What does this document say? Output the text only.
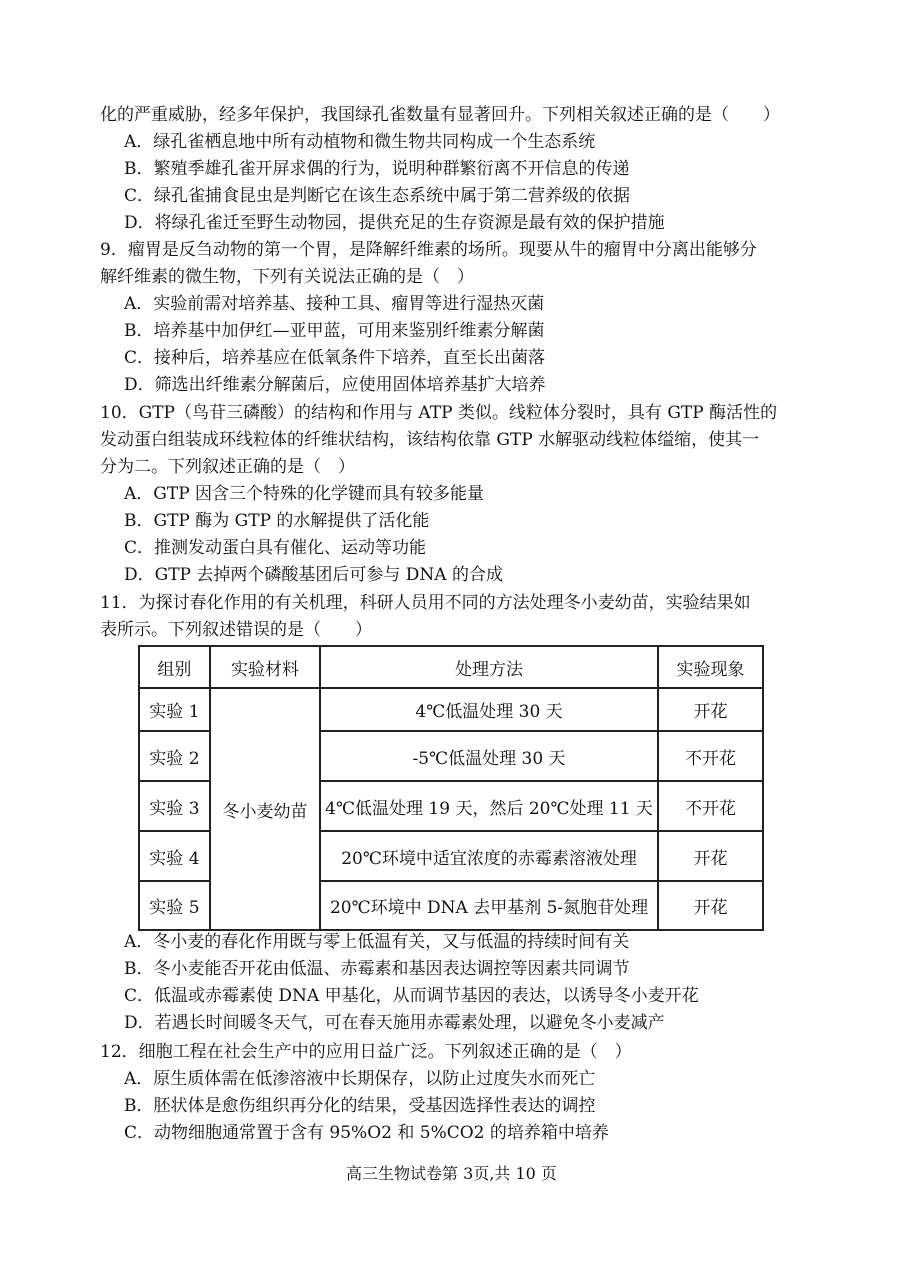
化的严重威胁，经多年保护，我国绿孔雀数量有显著回升。下列相关叙述正确的是（　　）
A．绿孔雀栖息地中所有动植物和微生物共同构成一个生态系统
B．繁殖季雄孔雀开屏求偶的行为，说明种群繁衍离不开信息的传递
C．绿孔雀捕食昆虫是判断它在该生态系统中属于第二营养级的依据
D．将绿孔雀迁至野生动物园，提供充足的生存资源是最有效的保护措施
9．瘤胃是反刍动物的第一个胃，是降解纤维素的场所。现要从牛的瘤胃中分离出能够分
解纤维素的微生物，下列有关说法正确的是（　）
A．实验前需对培养基、接种工具、瘤胃等进行湿热灭菌
B．培养基中加伊红—亚甲蓝，可用来鉴别纤维素分解菌
C．接种后，培养基应在低氧条件下培养，直至长出菌落
D．筛选出纤维素分解菌后，应使用固体培养基扩大培养
10．GTP（鸟苷三磷酸）的结构和作用与 ATP 类似。线粒体分裂时，具有 GTP 酶活性的
发动蛋白组装成环线粒体的纤维状结构，该结构依靠 GTP 水解驱动线粒体缢缩，使其一
分为二。下列叙述正确的是（　）
A．GTP 因含三个特殊的化学键而具有较多能量
B．GTP 酶为 GTP 的水解提供了活化能
C．推测发动蛋白具有催化、运动等功能
D．GTP 去掉两个磷酸基团后可参与 DNA 的合成
11．为探讨春化作用的有关机理，科研人员用不同的方法处理冬小麦幼苗，实验结果如
表所示。下列叙述错误的是（　　）
组别	实验材料	处理方法	实验现象
实验 1	冬小麦幼苗	4℃低温处理 30 天	开花
实验 2		-5℃低温处理 30 天	不开花
实验 3		4℃低温处理 19 天，然后 20℃处理 11 天	不开花
实验 4		20℃环境中适宜浓度的赤霉素溶液处理	开花
实验 5		20℃环境中 DNA 去甲基剂 5-氮胞苷处理	开花
A．冬小麦的春化作用既与零上低温有关，又与低温的持续时间有关
B．冬小麦能否开花由低温、赤霉素和基因表达调控等因素共同调节
C．低温或赤霉素使 DNA 甲基化，从而调节基因的表达，以诱导冬小麦开花
D．若遇长时间暖冬天气，可在春天施用赤霉素处理，以避免冬小麦减产
12．细胞工程在社会生产中的应用日益广泛。下列叙述正确的是（　）
A．原生质体需在低渗溶液中长期保存，以防止过度失水而死亡
B．胚状体是愈伤组织再分化的结果，受基因选择性表达的调控
C．动物细胞通常置于含有 95%O2 和 5%CO2 的培养箱中培养
高三生物试卷第 3页,共 10 页
